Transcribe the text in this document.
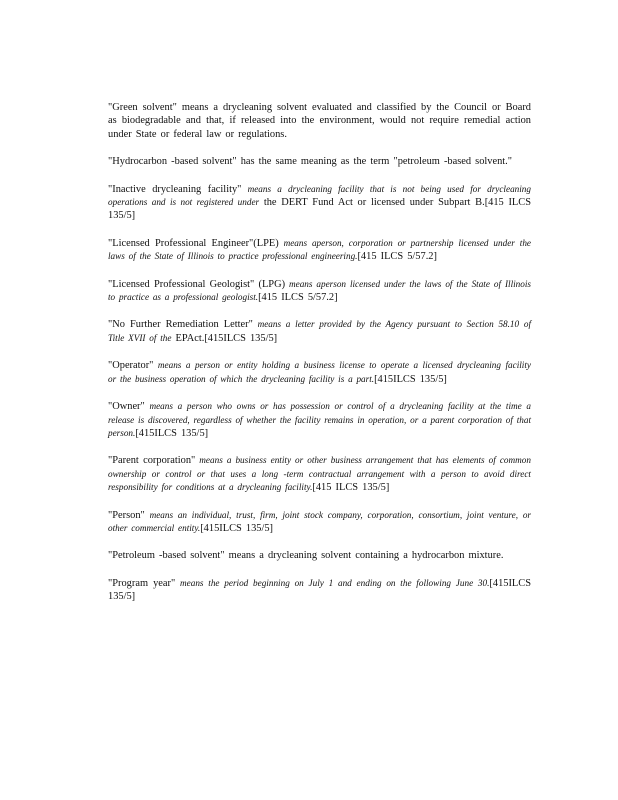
"Green solvent" means a drycleaning solvent evaluated and classified by the Council or Board as biodegradable and that, if released into the environment, would not require remedial action under State or federal law or regulations.

"Hydrocarbon -based solvent" has the same meaning as the term "petroleum -based solvent."

"Inactive drycleaning facility" means a drycleaning facility that is not being used for drycleaning operations and is not registered under the DERT Fund Act or licensed under Subpart B.[415 ILCS 135/5]

"Licensed Professional Engineer"(LPE) means aperson, corporation or partnership licensed under the laws of the State of Illinois to practice professional engineering.[415 ILCS 5/57.2]

"Licensed Professional Geologist" (LPG) means aperson licensed under the laws of the State of Illinois to practice as a professional geologist.[415 ILCS 5/57.2]

"No Further Remediation Letter" means a letter provided by the Agency pursuant to Section 58.10 of Title XVII of the EPAct.[415ILCS 135/5]

"Operator" means a person or entity holding a business license to operate a licensed drycleaning facility or the business operation of which the drycleaning facility is a part.[415ILCS 135/5]

"Owner" means a person who owns or has possession or control of a drycleaning facility at the time a release is discovered, regardless of whether the facility remains in operation, or a parent corporation of that person.[415ILCS 135/5]

"Parent corporation" means a business entity or other business arrangement that has elements of common ownership or control or that uses a long -term contractual arrangement with a person to avoid direct responsibility for conditions at a drycleaning facility.[415 ILCS 135/5]

"Person" means an individual, trust, firm, joint stock company, corporation, consortium, joint venture, or other commercial entity.[415ILCS 135/5]

"Petroleum -based solvent" means a drycleaning solvent containing a hydrocarbon mixture.

"Program year" means the period beginning on July 1 and ending on the following June 30.[415ILCS 135/5]
